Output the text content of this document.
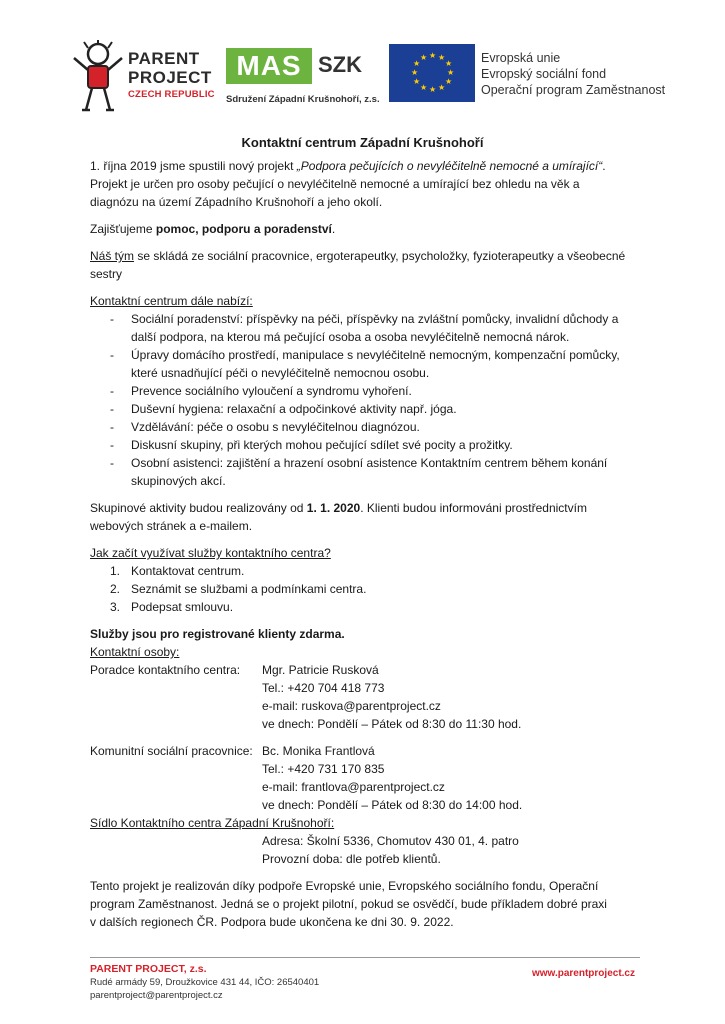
PARENT
PROJECT
CZECH REPUBLIC
MAS SZK
Sdružení Západní Krušnohoří, z.s.
★ ★
★
★
★
★
★
★
★
★
★
★	Evropská unie
Evropský sociální fond
Operační program Zaměstnanost
Kontaktní centrum Západní Krušnohoří
1. října 2019 jsme spustili nový projekt „Podpora pečujících o nevyléčitelně nemocné a umírající“.
Projekt je určen pro osoby pečující o nevyléčitelně nemocné a umírající bez ohledu na věk a
diagnózu na území Západního Krušnohoří a jeho okolí.
Zajišťujeme pomoc, podporu a poradenství.
Náš tým se skládá ze sociální pracovnice, ergoterapeutky, psycholožky, fyzioterapeutky a všeobecné
sestry
Kontaktní centrum dále nabízí:
- Sociální poradenství: příspěvky na péči, příspěvky na zvláštní pomůcky, invalidní důchody a
další podpora, na kterou má pečující osoba a osoba nevyléčitelně nemocná nárok.
- Úpravy domácího prostředí, manipulace s nevyléčitelně nemocným, kompenzační pomůcky,
které usnadňující péči o nevyléčitelně nemocnou osobu.
- Prevence sociálního vyloučení a syndromu vyhoření.
- Duševní hygiena: relaxační a odpočinkové aktivity např. jóga.
- Vzdělávání: péče o osobu s nevyléčitelnou diagnózou.
- Diskusní skupiny, při kterých mohou pečující sdílet své pocity a prožitky.
- Osobní asistenci: zajištění a hrazení osobní asistence Kontaktním centrem během konání
skupinových akcí.
Skupinové aktivity budou realizovány od 1. 1. 2020. Klienti budou informováni prostřednictvím
webových stránek a e-mailem.
Jak začít využívat služby kontaktního centra?
1. Kontaktovat centrum.
2. Seznámit se službami a podmínkami centra.
3. Podepsat smlouvu.
Služby jsou pro registrované klienty zdarma.
Kontaktní osoby:
Poradce kontaktního centra: Mgr. Patricie Rusková
Tel.: +420 704 418 773
e-mail: ruskova@parentproject.cz
ve dnech: Pondělí – Pátek od 8:30 do 11:30 hod.
Komunitní sociální pracovnice: Bc. Monika Frantlová
Tel.: +420 731 170 835
e-mail: frantlova@parentproject.cz
ve dnech: Pondělí – Pátek od 8:30 do 14:00 hod.
Sídlo Kontaktního centra Západní Krušnohoří:
Adresa: Školní 5336, Chomutov 430 01, 4. patro
Provozní doba: dle potřeb klientů.
Tento projekt je realizován díky podpoře Evropské unie, Evropského sociálního fondu, Operační
program Zaměstnanost. Jedná se o projekt pilotní, pokud se osvědčí, bude příkladem dobré praxi
v dalších regionech ČR. Podpora bude ukončena ke dni 30. 9. 2022.
PARENT PROJECT, z.s.
Rudé armády 59, Droužkovice 431 44, IČO: 26540401
parentproject@parentproject.cz
www.parentproject.cz
